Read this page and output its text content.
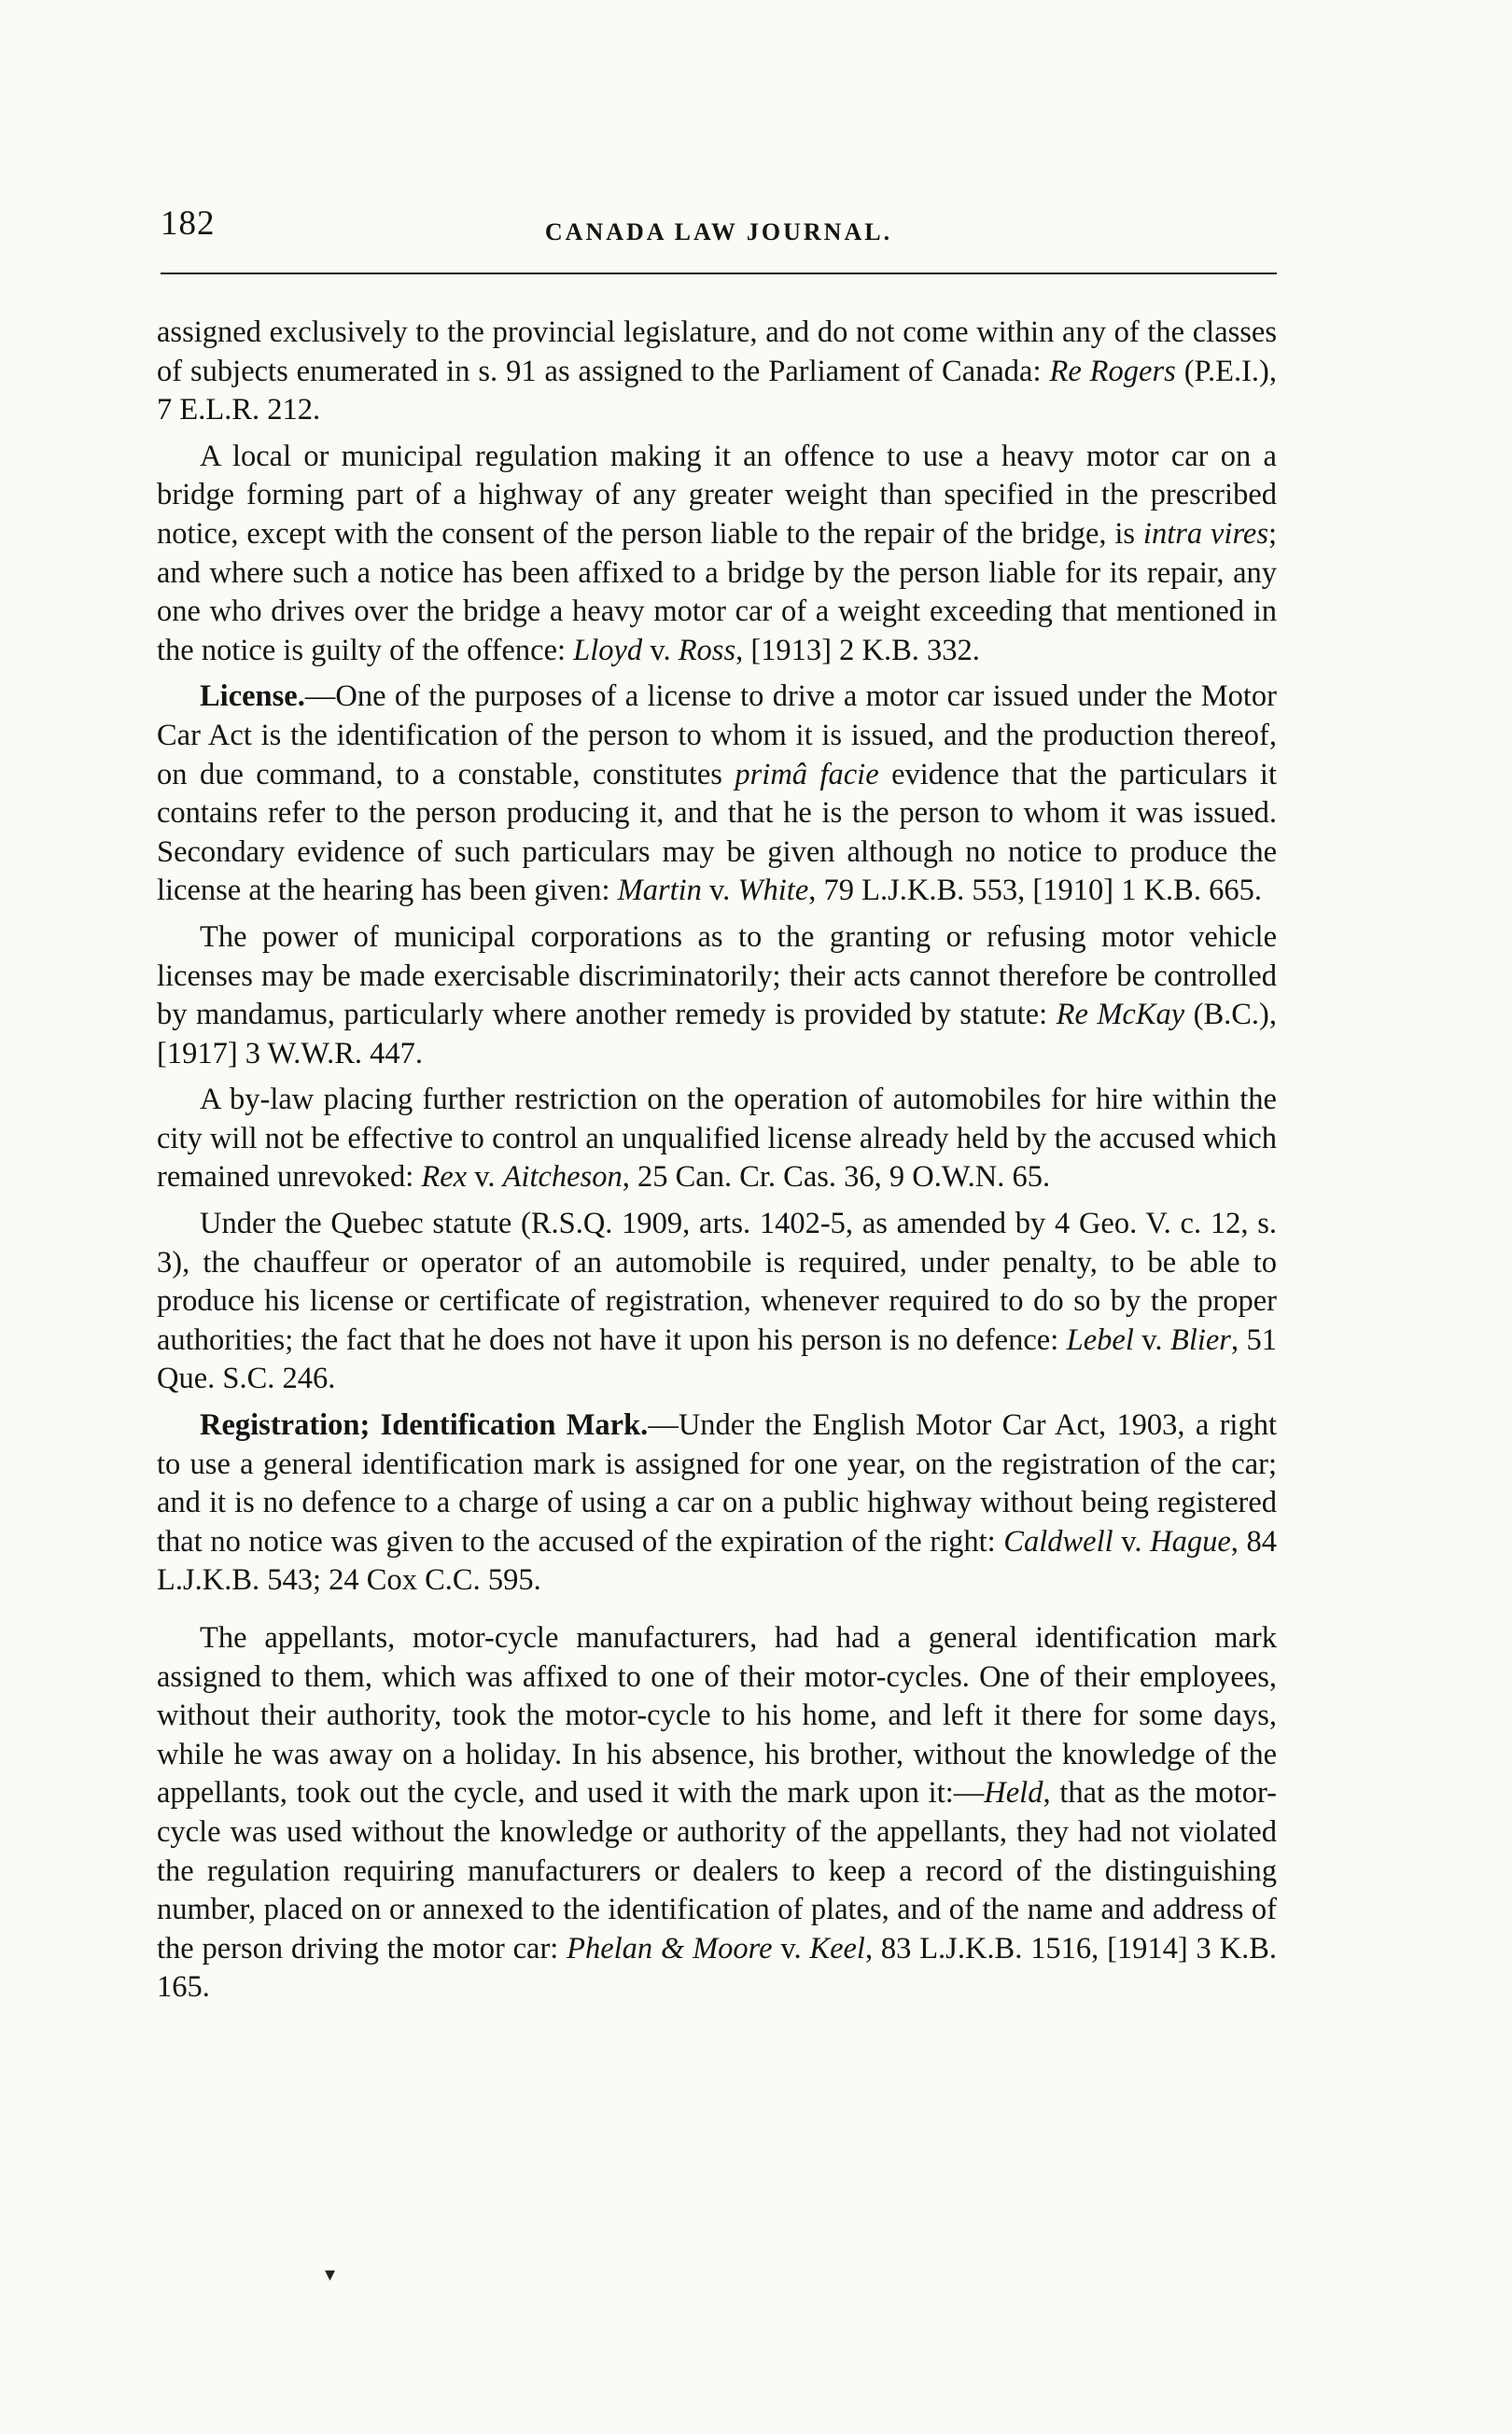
182	CANADA LAW JOURNAL.

assigned exclusively to the provincial legislature, and do not come within any of the classes of subjects enumerated in s. 91 as assigned to the Parliament of Canada: Re Rogers (P.E.I.), 7 E.L.R. 212.

A local or municipal regulation making it an offence to use a heavy motor car on a bridge forming part of a highway of any greater weight than specified in the prescribed notice, except with the consent of the person liable to the repair of the bridge, is intra vires; and where such a notice has been affixed to a bridge by the person liable for its repair, any one who drives over the bridge a heavy motor car of a weight exceeding that mentioned in the notice is guilty of the offence: Lloyd v. Ross, [1913] 2 K.B. 332.

License.—One of the purposes of a license to drive a motor car issued under the Motor Car Act is the identification of the person to whom it is issued, and the production thereof, on due command, to a constable, constitutes primâ facie evidence that the particulars it contains refer to the person producing it, and that he is the person to whom it was issued. Secondary evidence of such particulars may be given although no notice to produce the license at the hearing has been given: Martin v. White, 79 L.J.K.B. 553, [1910] 1 K.B. 665.

The power of municipal corporations as to the granting or refusing motor vehicle licenses may be made exercisable discriminatorily; their acts cannot therefore be controlled by mandamus, particularly where another remedy is provided by statute: Re McKay (B.C.), [1917] 3 W.W.R. 447.

A by-law placing further restriction on the operation of automobiles for hire within the city will not be effective to control an unqualified license already held by the accused which remained unrevoked: Rex v. Aitcheson, 25 Can. Cr. Cas. 36, 9 O.W.N. 65.

Under the Quebec statute (R.S.Q. 1909, arts. 1402-5, as amended by 4 Geo. V. c. 12, s. 3), the chauffeur or operator of an automobile is required, under penalty, to be able to produce his license or certificate of registration, whenever required to do so by the proper authorities; the fact that he does not have it upon his person is no defence: Lebel v. Blier, 51 Que. S.C. 246.

Registration; Identification Mark.—Under the English Motor Car Act, 1903, a right to use a general identification mark is assigned for one year, on the registration of the car; and it is no defence to a charge of using a car on a public highway without being registered that no notice was given to the accused of the expiration of the right: Caldwell v. Hague, 84 L.J.K.B. 543; 24 Cox C.C. 595.

The appellants, motor-cycle manufacturers, had had a general identification mark assigned to them, which was affixed to one of their motor-cycles. One of their employees, without their authority, took the motor-cycle to his home, and left it there for some days, while he was away on a holiday. In his absence, his brother, without the knowledge of the appellants, took out the cycle, and used it with the mark upon it:—Held, that as the motor-cycle was used without the knowledge or authority of the appellants, they had not violated the regulation requiring manufacturers or dealers to keep a record of the distinguishing number, placed on or annexed to the identification of plates, and of the name and address of the person driving the motor car: Phelan & Moore v. Keel, 83 L.J.K.B. 1516, [1914] 3 K.B. 165.

▾
